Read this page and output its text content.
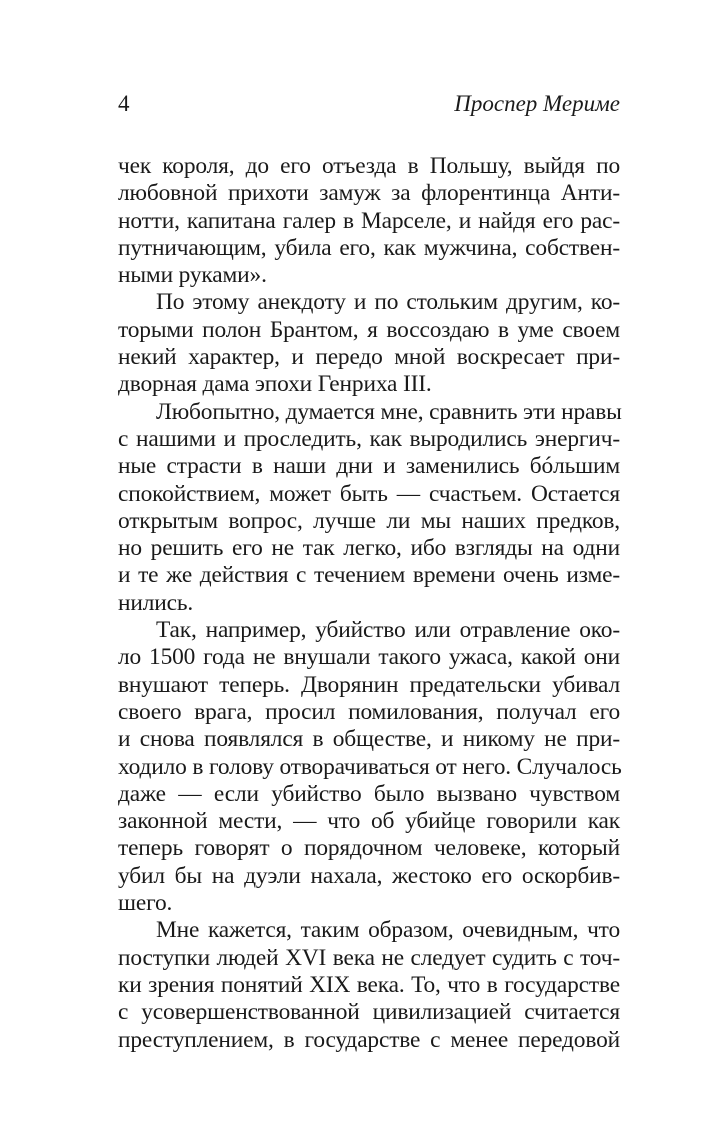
4	Проспер Мериме
чек короля, до его отъезда в Польшу, выйдя по
любовной прихоти замуж за флорентинца Анти-
нотти, капитана галер в Марселе, и найдя его рас-
путничающим, убила его, как мужчина, собствен-
ными руками».
По этому анекдоту и по стольким другим, ко-
торыми полон Брантом, я воссоздаю в уме своем
некий характер, и передо мной воскресает при-
дворная дама эпохи Генриха III.
Любопытно, думается мне, сравнить эти нравы
с нашими и проследить, как выродились энергич-
ные страсти в наши дни и заменились бóльшим
спокойствием, может быть — счастьем. Остается
открытым вопрос, лучше ли мы наших предков,
но решить его не так легко, ибо взгляды на одни
и те же действия с течением времени очень изме-
нились.
Так, например, убийство или отравление око-
ло 1500 года не внушали такого ужаса, какой они
внушают теперь. Дворянин предательски убивал
своего врага, просил помилования, получал его
и снова появлялся в обществе, и никому не при-
ходило в голову отворачиваться от него. Случалось
даже — если убийство было вызвано чувством
законной мести, — что об убийце говорили как
теперь говорят о порядочном человеке, который
убил бы на дуэли нахала, жестоко его оскорбив-
шего.
Мне кажется, таким образом, очевидным, что
поступки людей XVI века не следует судить с точ-
ки зрения понятий XIX века. То, что в государстве
с усовершенствованной цивилизацией считается
преступлением, в государстве с менее передовой
